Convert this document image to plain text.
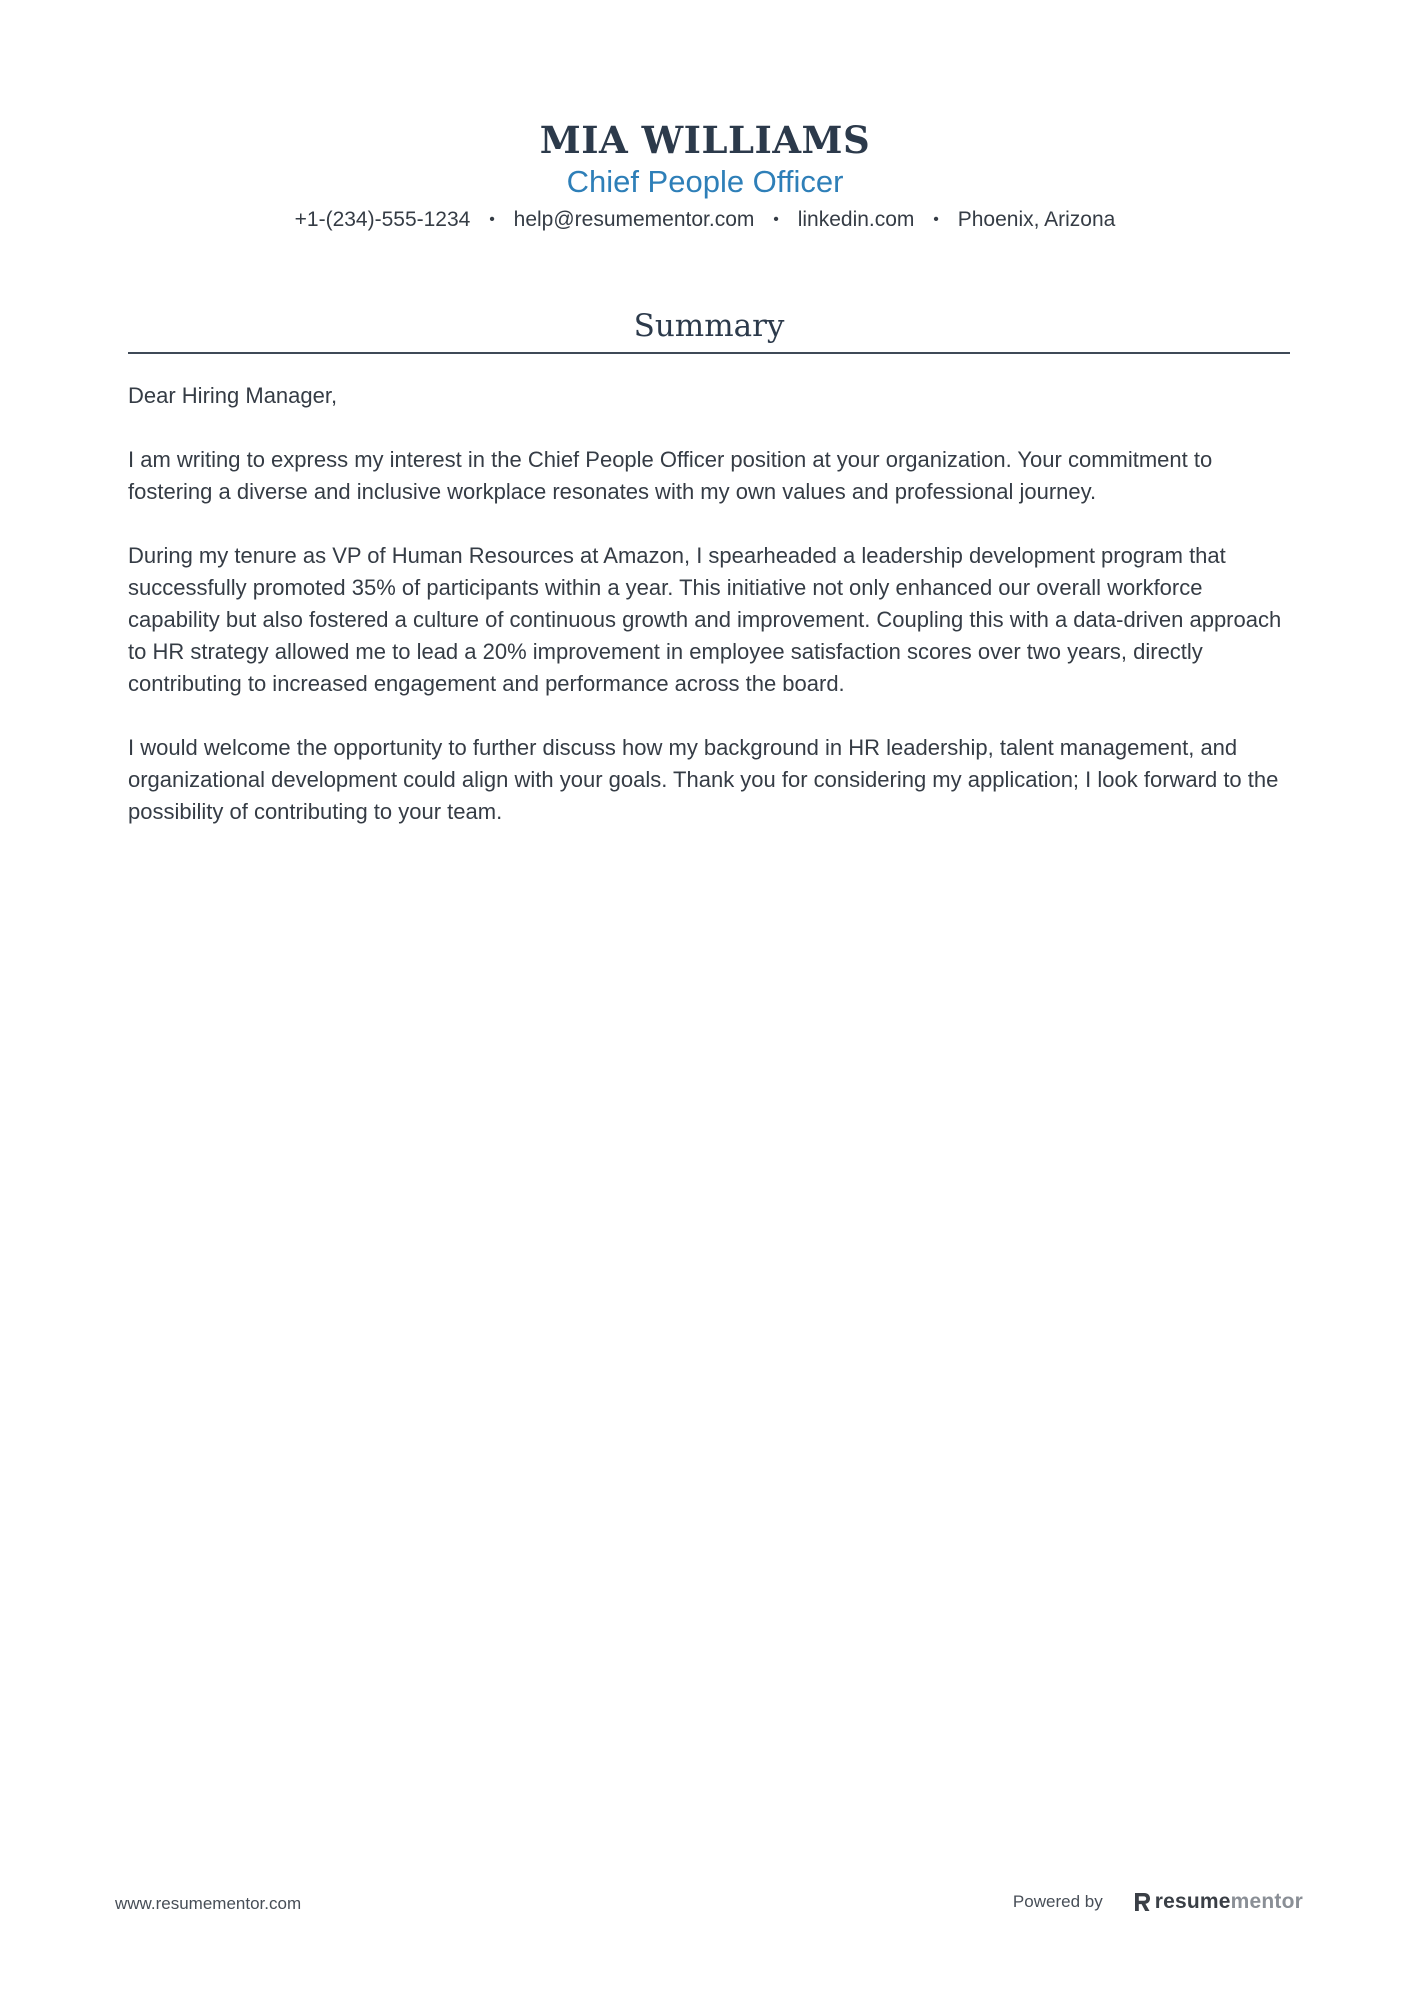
MIA WILLIAMS
Chief People Officer
+1-(234)-555-1234 • help@resumementor.com • linkedin.com • Phoenix, Arizona
Summary

Dear Hiring Manager,

I am writing to express my interest in the Chief People Officer position at your organization. Your commitment to fostering a diverse and inclusive workplace resonates with my own values and professional journey.

During my tenure as VP of Human Resources at Amazon, I spearheaded a leadership development program that successfully promoted 35% of participants within a year. This initiative not only enhanced our overall workforce capability but also fostered a culture of continuous growth and improvement. Coupling this with a data-driven approach to HR strategy allowed me to lead a 20% improvement in employee satisfaction scores over two years, directly contributing to increased engagement and performance across the board.

I would welcome the opportunity to further discuss how my background in HR leadership, talent management, and organizational development could align with your goals. Thank you for considering my application; I look forward to the possibility of contributing to your team.

www.resumementor.com	Powered by resumementor
